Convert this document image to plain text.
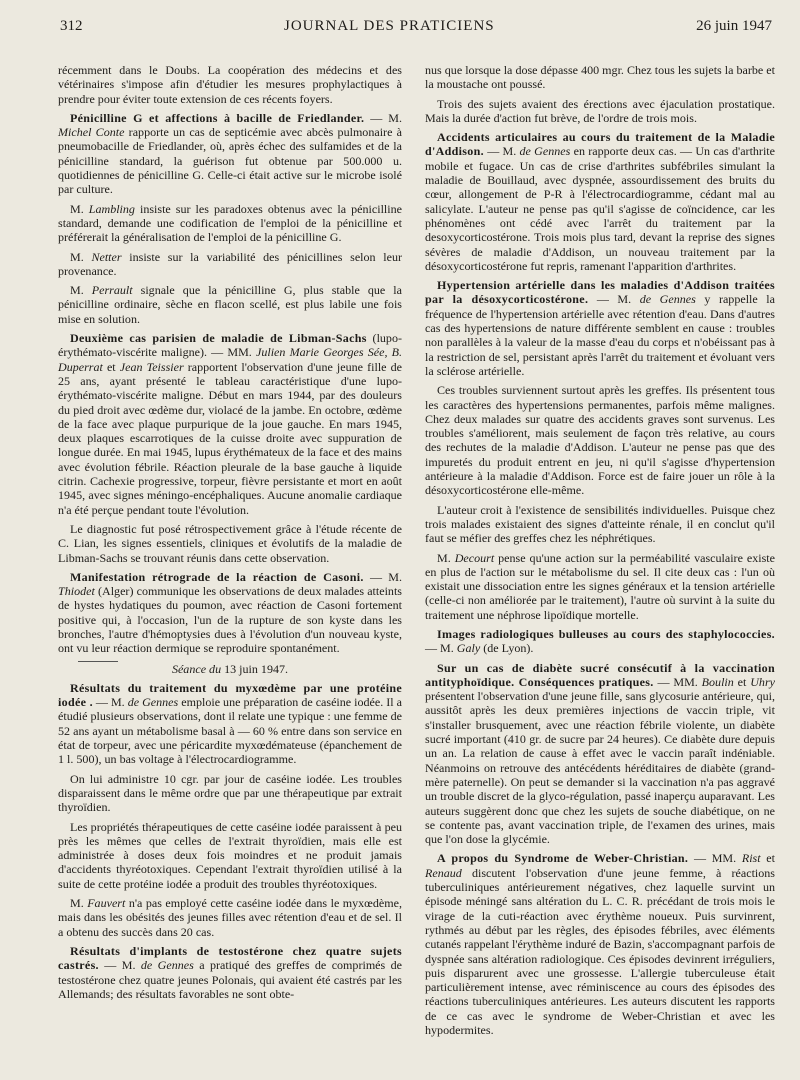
312	JOURNAL DES PRATICIENS	26 juin 1947

récemment dans le Doubs. La coopération des médecins et des vétérinaires s'impose afin d'étudier les mesures prophylactiques à prendre pour éviter toute extension de ces récents foyers.

Pénicilline G et affections à bacille de Friedlander. — M. Michel Conte rapporte un cas de septicémie avec abcès pulmonaire à pneumobacille de Friedlander, où, après échec des sulfamides et de la pénicilline standard, la guérison fut obtenue par 500.000 u. quotidiennes de pénicilline G. Celle-ci était active sur le microbe isolé par culture.

M. Lambling insiste sur les paradoxes obtenus avec la pénicilline standard, demande une codification de l'emploi de la pénicilline et préférerait la généralisation de l'emploi de la pénicilline G.

M. Netter insiste sur la variabilité des pénicillines selon leur provenance.

M. Perrault signale que la pénicilline G, plus stable que la pénicilline ordinaire, sèche en flacon scellé, est plus labile une fois mise en solution.

Deuxième cas parisien de maladie de Libman-Sachs (lupo-érythémato-viscérite maligne). — MM. Julien Marie Georges Sée, B. Duperrat et Jean Teissier rapportent l'observation d'une jeune fille de 25 ans, ayant présenté le tableau caractéristique d'une lupo-érythémato-viscérite maligne. Début en mars 1944, par des douleurs du pied droit avec œdème dur, violacé de la jambe. En octobre, œdème de la face avec plaque purpurique de la joue gauche. En mars 1945, deux plaques escarrotiques de la cuisse droite avec suppuration de longue durée. En mai 1945, lupus érythémateux de la face et des mains avec évolution fébrile. Réaction pleurale de la base gauche à liquide citrin. Cachexie progressive, torpeur, fièvre persistante et mort en août 1945, avec signes méningo-encéphaliques. Aucune anomalie cardiaque n'a été perçue pendant toute l'évolution.

Le diagnostic fut posé rétrospectivement grâce à l'étude récente de C. Lian, les signes essentiels, cliniques et évolutifs de la maladie de Libman-Sachs se trouvant réunis dans cette observation.

Manifestation rétrograde de la réaction de Casoni. — M. Thiodet (Alger) communique les observations de deux malades atteints de hystes hydatiques du poumon, avec réaction de Casoni fortement positive qui, à l'occasion, l'un de la rupture de son kyste dans les bronches, l'autre d'hémoptysies dues à l'évolution d'un nouveau kyste, ont vu leur réaction dermique se reproduire spontanément.

Séance du 13 juin 1947.

Résultats du traitement du myxœdème par une protéine iodée . — M. de Gennes emploie une préparation de caséine iodée. Il a étudié plusieurs observations, dont il relate une typique : une femme de 52 ans ayant un métabolisme basal à — 60 % entre dans son service en état de torpeur, avec une péricardite myxœdémateuse (épanchement de 1 l. 500), un bas voltage à l'électrocardiogramme.

On lui administre 10 cgr. par jour de caséine iodée. Les troubles disparaissent dans le même ordre que par une thérapeutique par extrait thyroïdien.

Les propriétés thérapeutiques de cette caséine iodée paraissent à peu près les mêmes que celles de l'extrait thyroïdien, mais elle est administrée à doses deux fois moindres et ne produit jamais d'accidents thyréotoxiques. Cependant l'extrait thyroïdien utilisé à la suite de cette protéine iodée a produit des troubles thyréotoxiques.

M. Fauvert n'a pas employé cette caséine iodée dans le myxœdème, mais dans les obésités des jeunes filles avec rétention d'eau et de sel. Il a obtenu des succès dans 20 cas.

Résultats d'implants de testostérone chez quatre sujets castrés. — M. de Gennes a pratiqué des greffes de comprimés de testostérone chez quatre jeunes Polonais, qui avaient été castrés par les Allemands; des résultats favorables ne sont obte-

nus que lorsque la dose dépasse 400 mgr. Chez tous les sujets la barbe et la moustache ont poussé.

Trois des sujets avaient des érections avec éjaculation prostatique. Mais la durée d'action fut brève, de l'ordre de trois mois.

Accidents articulaires au cours du traitement de la Maladie d'Addison. — M. de Gennes en rapporte deux cas. — Un cas d'arthrite mobile et fugace. Un cas de crise d'arthrites subfébriles simulant la maladie de Bouillaud, avec dyspnée, assourdissement des bruits du cœur, allongement de P-R à l'électrocardiogramme, cédant mal au salicylate. L'auteur ne pense pas qu'il s'agisse de coïncidence, car les phénomènes ont cédé avec l'arrêt du traitement par la desoxycorticostérone. Trois mois plus tard, devant la reprise des signes sévères de maladie d'Addison, un nouveau traitement par la désoxycorticostérone fut repris, ramenant l'apparition d'arthrites.

Hypertension artérielle dans les maladies d'Addison traitées par la désoxycorticostérone. — M. de Gennes y rappelle la fréquence de l'hypertension artérielle avec rétention d'eau. Dans d'autres cas des hypertensions de nature différente semblent en cause : troubles non parallèles à la valeur de la masse d'eau du corps et n'obéissant pas à la restriction de sel, persistant après l'arrêt du traitement et évoluant vers la sclérose artérielle.

Ces troubles surviennent surtout après les greffes. Ils présentent tous les caractères des hypertensions permanentes, parfois même malignes. Chez deux malades sur quatre des accidents graves sont survenus. Les troubles s'améliorent, mais seulement de façon très relative, au cours des rechutes de la maladie d'Addison. L'auteur ne pense pas que des impuretés du produit entrent en jeu, ni qu'il s'agisse d'hypertension antérieure à la maladie d'Addison. Force est de faire jouer un rôle à la désoxycorticostérone elle-même.

L'auteur croit à l'existence de sensibilités individuelles. Puisque chez trois malades existaient des signes d'atteinte rénale, il en conclut qu'il faut se méfier des greffes chez les néphrétiques.

M. Decourt pense qu'une action sur la perméabilité vasculaire existe en plus de l'action sur le métabolisme du sel. Il cite deux cas : l'un où existait une dissociation entre les signes généraux et la tension artérielle (celle-ci non améliorée par le traitement), l'autre où survint à la suite du traitement une néphrose lipoïdique mortelle.

Images radiologiques bulleuses au cours des staphylococcies. — M. Galy (de Lyon).

Sur un cas de diabète sucré consécutif à la vaccination antityphoïdique. Conséquences pratiques. — MM. Boulin et Uhry présentent l'observation d'une jeune fille, sans glycosurie antérieure, qui, aussitôt après les deux premières injections de vaccin triple, vit s'installer brusquement, avec une réaction fébrile violente, un diabète sucré important (410 gr. de sucre par 24 heures). Ce diabète dure depuis un an. La relation de cause à effet avec le vaccin paraît indéniable. Néanmoins on retrouve des antécédents héréditaires de diabète (grand-mère paternelle). On peut se demander si la vaccination n'a pas aggravé un trouble discret de la glyco-régulation, passé inaperçu auparavant. Les auteurs suggèrent donc que chez les sujets de souche diabétique, on ne se contente pas, avant vaccination triple, de l'examen des urines, mais que l'on dose la glycémie.

A propos du Syndrome de Weber-Christian. — MM. Rist et Renaud discutent l'observation d'une jeune femme, à réactions tuberculiniques antérieurement négatives, chez laquelle survint un épisode méningé sans altération du L. C. R. précédant de trois mois le virage de la cuti-réaction avec érythème noueux. Puis survinrent, rythmés au début par les règles, des épisodes fébriles, avec éléments cutanés rappelant l'érythème induré de Bazin, s'accompagnant parfois de dyspnée sans altération radiologique. Ces épisodes devinrent irréguliers, puis disparurent avec une grossesse. L'allergie tuberculeuse était particulièrement intense, avec réminiscence au cours des épisodes des réactions tuberculiniques antérieures. Les auteurs discutent les rapports de ce cas avec le syndrome de Weber-Christian et avec les hypodermites.
